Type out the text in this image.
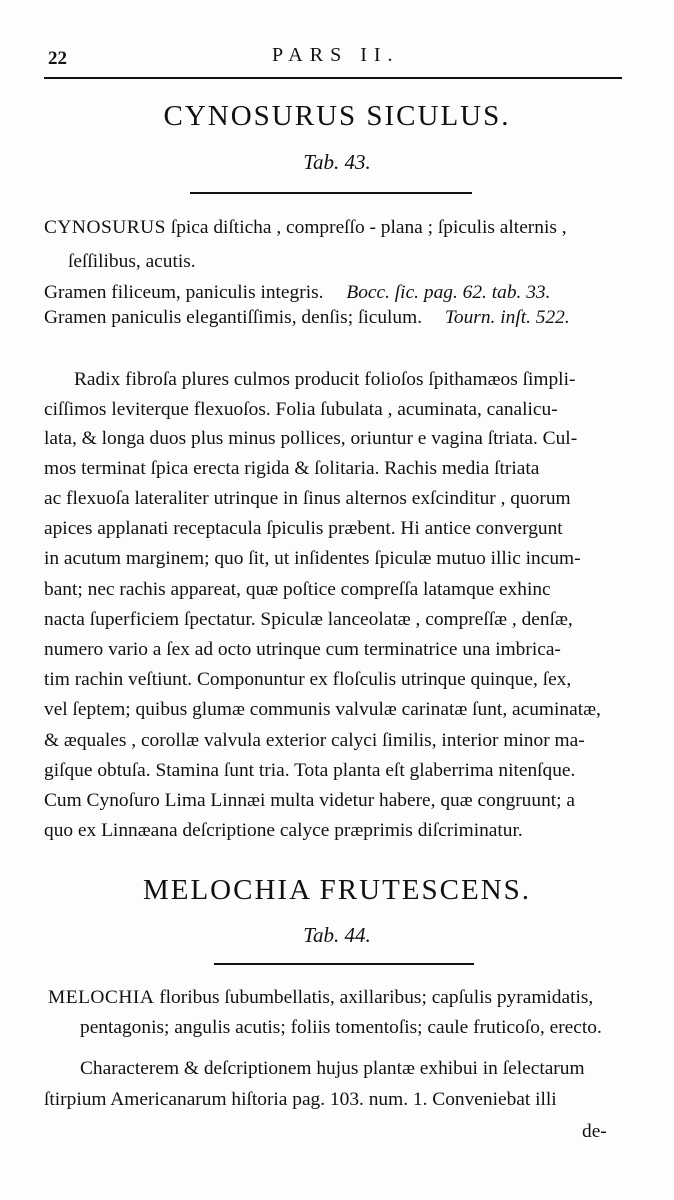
22	PARS II.
CYNOSURUS SICULUS.
Tab. 43.
CYNOSURUS ſpica diſticha , compreſſo - plana ; ſpiculis alternis ,
ſeſſilibus, acutis.
Gramen filiceum, paniculis integris. Bocc. ſic. pag. 62. tab. 33.
Gramen paniculis elegantiſſimis, denſis; ſiculum. Tourn. inſt. 522.
Radix fibroſa plures culmos producit folioſos ſpithamæos ſimpli-
ciſſimos leviterque flexuoſos. Folia ſubulata , acuminata, canalicu-
lata, & longa duos plus minus pollices, oriuntur e vagina ſtriata. Cul-
mos terminat ſpica erecta rigida & ſolitaria. Rachis media ſtriata
ac flexuoſa lateraliter utrinque in ſinus alternos exſcinditur , quorum
apices applanati receptacula ſpiculis præbent. Hi antice convergunt
in acutum marginem; quo ſit, ut inſidentes ſpiculæ mutuo illic incum-
bant; nec rachis appareat, quæ poſtice compreſſa latamque exhinc
nacta ſuperficiem ſpectatur. Spiculæ lanceolatæ , compreſſæ , denſæ,
numero vario a ſex ad octo utrinque cum terminatrice una imbrica-
tim rachin veſtiunt. Componuntur ex floſculis utrinque quinque, ſex,
vel ſeptem; quibus glumæ communis valvulæ carinatæ ſunt, acuminatæ,
& æquales , corollæ valvula exterior calyci ſimilis, interior minor ma-
giſque obtuſa. Stamina ſunt tria. Tota planta eſt glaberrima nitenſque.
Cum Cynoſuro Lima Linnæi multa videtur habere, quæ congruunt; a
quo ex Linnæana deſcriptione calyce præprimis diſcriminatur.
MELOCHIA FRUTESCENS.
Tab. 44.
MELOCHIA floribus ſubumbellatis, axillaribus; capſulis pyramidatis,
pentagonis; angulis acutis; foliis tomentoſis; caule fruticoſo, erecto.
Characterem & deſcriptionem hujus plantæ exhibui in ſelectarum
ſtirpium Americanarum hiſtoria pag. 103. num. 1. Conveniebat illi
de-
